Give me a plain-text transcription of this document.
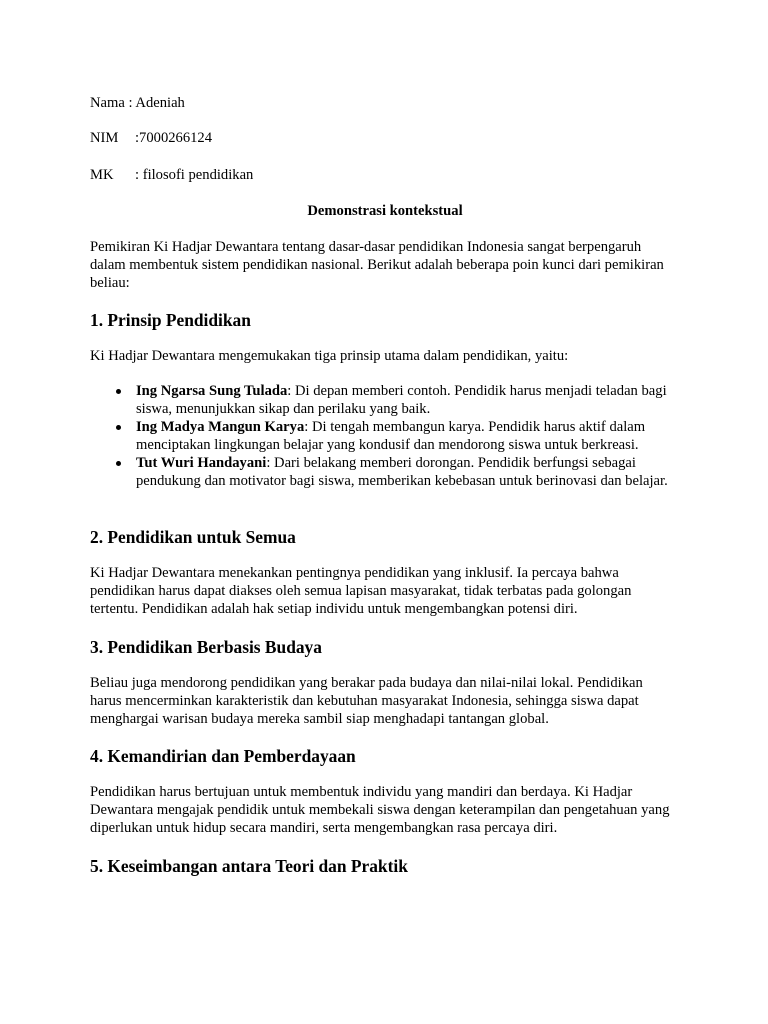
Nama : Adeniah
NIM :7000266124
MK : filosofi pendidikan
Demonstrasi kontekstual

Pemikiran Ki Hadjar Dewantara tentang dasar-dasar pendidikan Indonesia sangat berpengaruh dalam membentuk sistem pendidikan nasional. Berikut adalah beberapa poin kunci dari pemikiran beliau:

1. Prinsip Pendidikan

Ki Hadjar Dewantara mengemukakan tiga prinsip utama dalam pendidikan, yaitu:

Ing Ngarsa Sung Tulada: Di depan memberi contoh. Pendidik harus menjadi teladan bagi siswa, menunjukkan sikap dan perilaku yang baik.
Ing Madya Mangun Karya: Di tengah membangun karya. Pendidik harus aktif dalam menciptakan lingkungan belajar yang kondusif dan mendorong siswa untuk berkreasi.
Tut Wuri Handayani: Dari belakang memberi dorongan. Pendidik berfungsi sebagai pendukung dan motivator bagi siswa, memberikan kebebasan untuk berinovasi dan belajar.
2. Pendidikan untuk Semua

Ki Hadjar Dewantara menekankan pentingnya pendidikan yang inklusif. Ia percaya bahwa pendidikan harus dapat diakses oleh semua lapisan masyarakat, tidak terbatas pada golongan tertentu. Pendidikan adalah hak setiap individu untuk mengembangkan potensi diri.

3. Pendidikan Berbasis Budaya

Beliau juga mendorong pendidikan yang berakar pada budaya dan nilai-nilai lokal. Pendidikan harus mencerminkan karakteristik dan kebutuhan masyarakat Indonesia, sehingga siswa dapat menghargai warisan budaya mereka sambil siap menghadapi tantangan global.

4. Kemandirian dan Pemberdayaan

Pendidikan harus bertujuan untuk membentuk individu yang mandiri dan berdaya. Ki Hadjar Dewantara mengajak pendidik untuk membekali siswa dengan keterampilan dan pengetahuan yang diperlukan untuk hidup secara mandiri, serta mengembangkan rasa percaya diri.

5. Keseimbangan antara Teori dan Praktik
